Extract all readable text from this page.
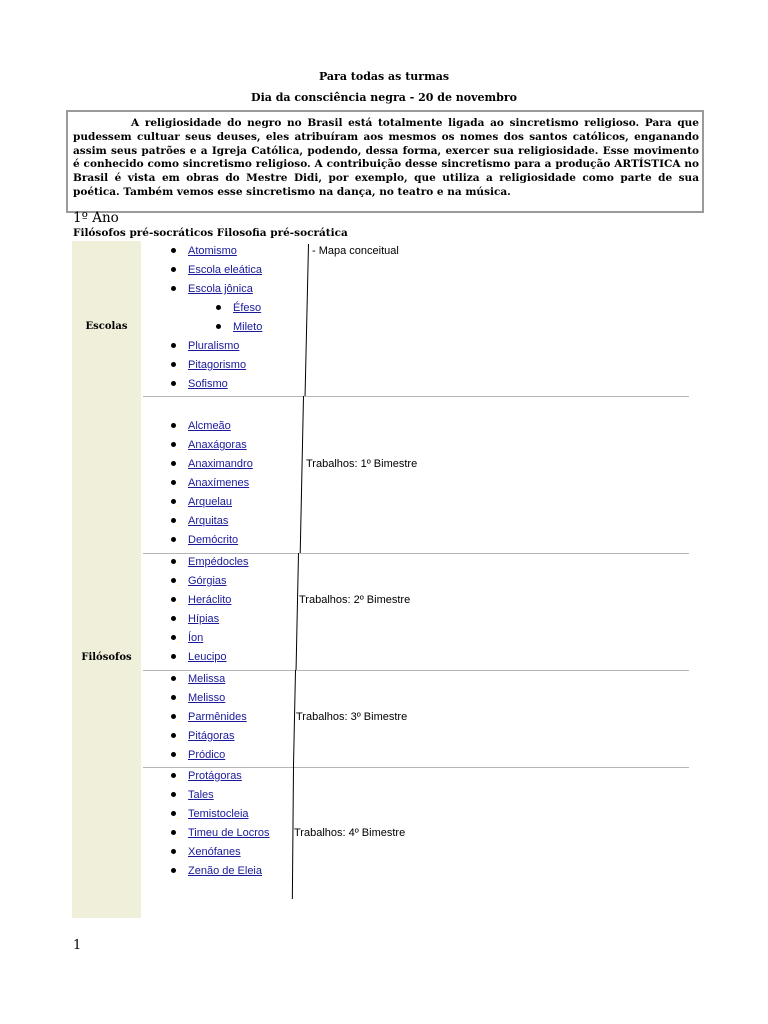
Para todas as turmas
Dia da consciência negra - 20 de novembro

A religiosidade do negro no Brasil está totalmente ligada ao sincretismo religioso. Para que pudessem cultuar seus deuses, eles atribuíram aos mesmos os nomes dos santos católicos, enganando assim seus patrões e a Igreja Católica, podendo, dessa forma, exercer sua religiosidade. Esse movimento é conhecido como sincretismo religioso. A contribuição desse sincretismo para a produção ARTÍSTICA no Brasil é vista em obras do Mestre Didi, por exemplo, que utiliza a religiosidade como parte de sua poética. Também vemos esse sincretismo na dança, no teatro e na música.

1º Ano
Filósofos pré-socráticos Filosofia pré-socrática
Escolas
Filósofos
Atomismo
Escola eleática
Escola jônica
Éfeso
Mileto
Pluralismo
Pitagorismo
Sofismo
- Mapa conceitual
Alcmeão
Anaxágoras
Anaximandro
Anaxímenes
Arquelau
Arquitas
Demócrito
Trabalhos: 1º Bimestre
Empédocles
Górgias
Heráclito
Hípias
Íon
Leucipo
Trabalhos: 2º Bimestre
Melissa
Melisso
Parmênides
Pitágoras
Pródico
Trabalhos: 3º Bimestre
Protágoras
Tales
Temistocleia
Timeu de Locros
Xenófanes
Zenão de Eleia
Trabalhos: 4º Bimestre
1
